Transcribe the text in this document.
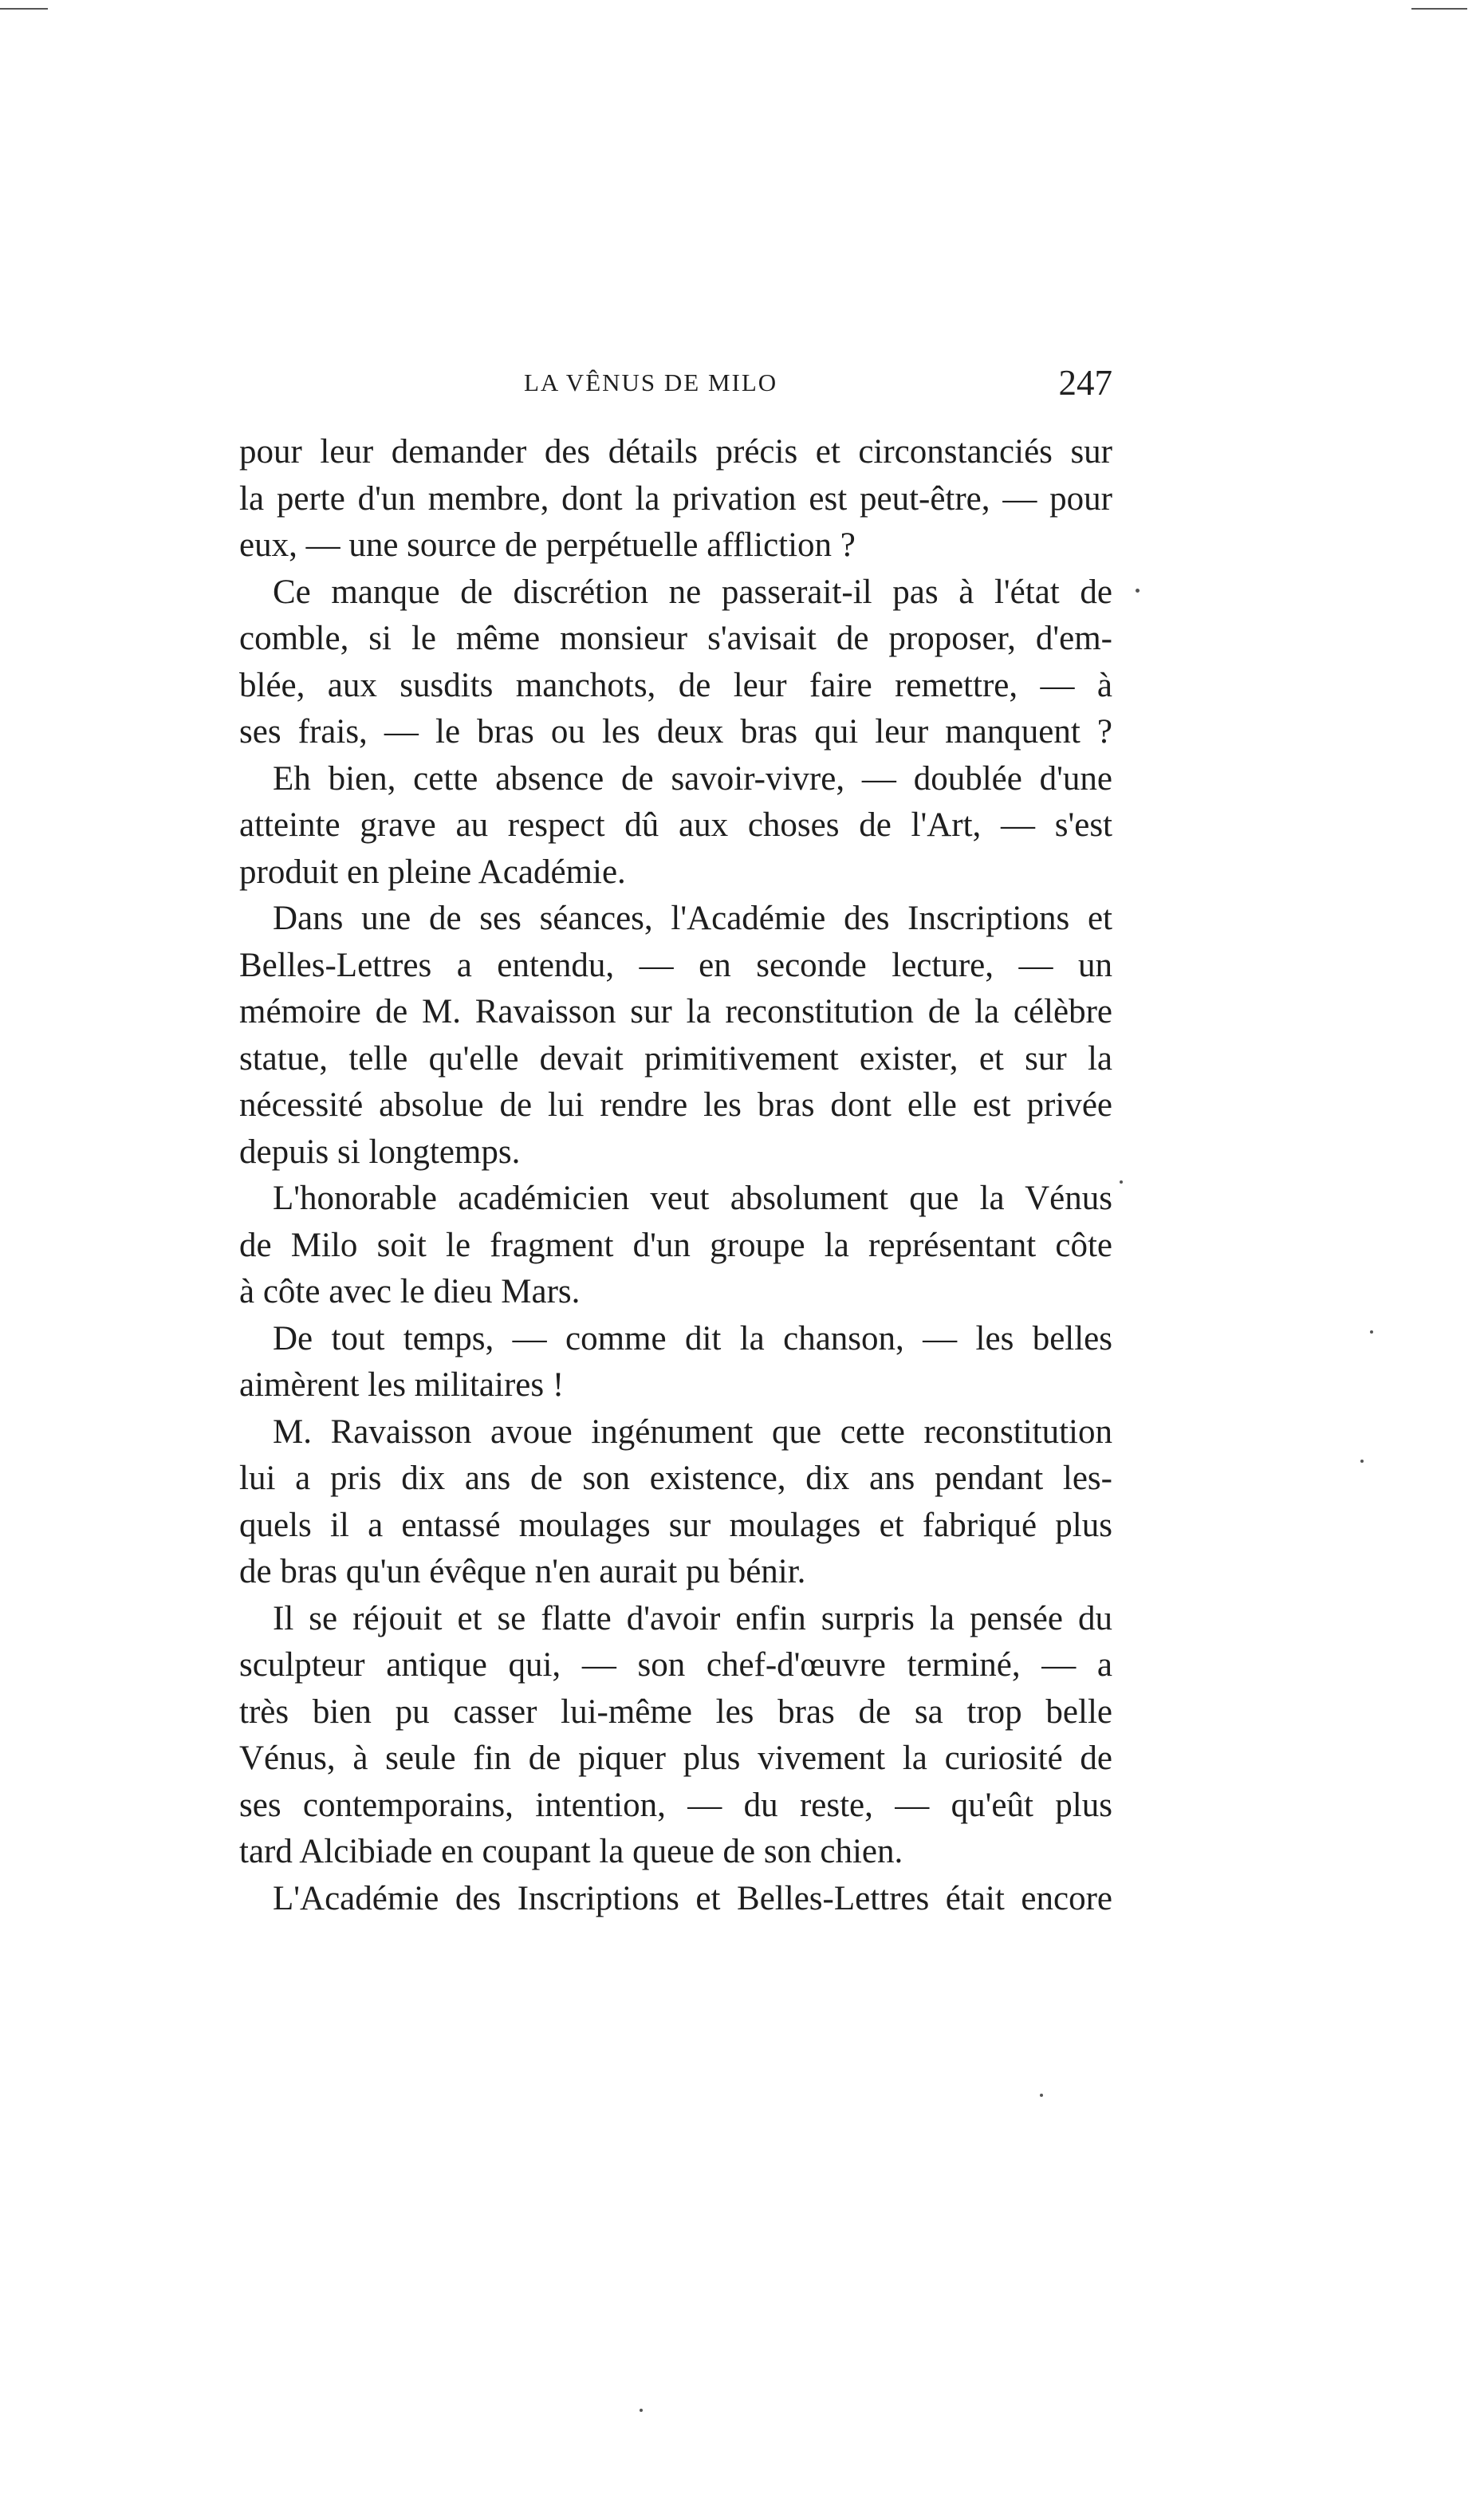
LA VÊNUS DE MILO	247
pour leur demander des détails précis et circonstanciés sur
la perte d'un membre, dont la privation est peut-être, — pour
eux, — une source de perpétuelle affliction ?
Ce manque de discrétion ne passerait-il pas à l'état de
comble, si le même monsieur s'avisait de proposer, d'em-
blée, aux susdits manchots, de leur faire remettre, — à
ses frais, — le bras ou les deux bras qui leur manquent ?
Eh bien, cette absence de savoir-vivre, — doublée d'une
atteinte grave au respect dû aux choses de l'Art, — s'est
produit en pleine Académie.
Dans une de ses séances, l'Académie des Inscriptions et
Belles-Lettres a entendu, — en seconde lecture, — un
mémoire de M. Ravaisson sur la reconstitution de la célèbre
statue, telle qu'elle devait primitivement exister, et sur la
nécessité absolue de lui rendre les bras dont elle est privée
depuis si longtemps.
L'honorable académicien veut absolument que la Vénus
de Milo soit le fragment d'un groupe la représentant côte
à côte avec le dieu Mars.
De tout temps, — comme dit la chanson, — les belles
aimèrent les militaires !
M. Ravaisson avoue ingénument que cette reconstitution
lui a pris dix ans de son existence, dix ans pendant les-
quels il a entassé moulages sur moulages et fabriqué plus
de bras qu'un évêque n'en aurait pu bénir.
Il se réjouit et se flatte d'avoir enfin surpris la pensée du
sculpteur antique qui, — son chef-d'œuvre terminé, — a
très bien pu casser lui-même les bras de sa trop belle
Vénus, à seule fin de piquer plus vivement la curiosité de
ses contemporains, intention, — du reste, — qu'eût plus
tard Alcibiade en coupant la queue de son chien.
L'Académie des Inscriptions et Belles-Lettres était encore
